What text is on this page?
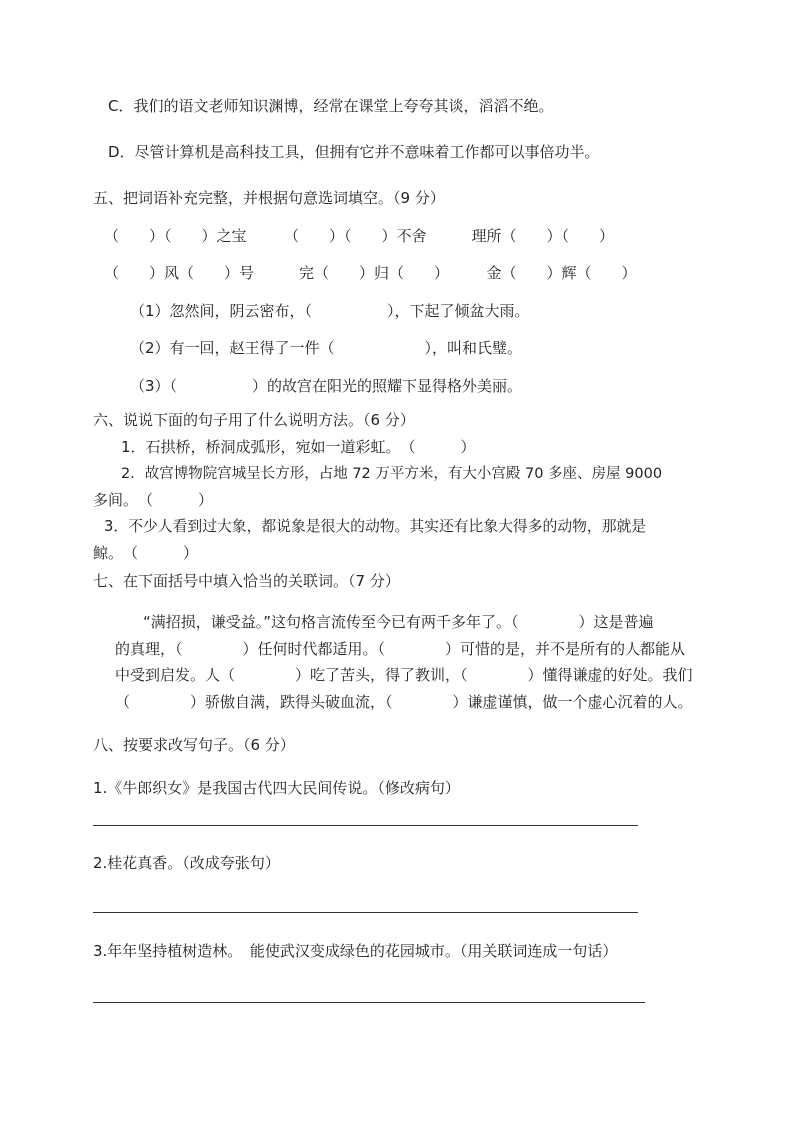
C．我们的语文老师知识渊博，经常在课堂上夸夸其谈，滔滔不绝。
D．尽管计算机是高科技工具，但拥有它并不意味着工作都可以事倍功半。
五、把词语补充完整，并根据句意选词填空。（9 分）
（　　）（　　）之宝　　　（　　）（　　）不舍　　　理所（　　）（　　）
（　　）风（　　）号　　　完（　　）归（　　）　　　金（　　）辉（　　）
（1）忽然间，阴云密布，（　　　　　），下起了倾盆大雨。
（2）有一回，赵王得了一件（　　　　　　），叫和氏璧。
（3）（　　　　　）的故宫在阳光的照耀下显得格外美丽。
六、说说下面的句子用了什么说明方法。（6 分）
1．石拱桥，桥洞成弧形，宛如一道彩虹。　（　　　）
2．故宫博物院宫城呈长方形，占地 72 万平方米，有大小宫殿 70 多座、房屋 9000
多间。　（　　　）
3．不少人看到过大象，都说象是很大的动物。其实还有比象大得多的动物，那就是
鲸。　（　　　）
七、在下面括号中填入恰当的关联词。（7 分）
“满招损，谦受益。”这句格言流传至今已有两千多年了。（　　　　）这是普遍
的真理，（　　　　）任何时代都适用。（　　　　）可惜的是，并不是所有的人都能从
中受到启发。人（　　　　）吃了苦头，得了教训，（　　　　）懂得谦虚的好处。我们
（　　　　）骄傲自满，跌得头破血流，（　　　　）谦虚谨慎，做一个虚心沉着的人。
八、按要求改写句子。（6 分）
1.《牛郎织女》是我国古代四大民间传说。（修改病句）
2.桂花真香。（改成夸张句）
3.年年坚持植树造林。　能使武汉变成绿色的花园城市。（用关联词连成一句话）
